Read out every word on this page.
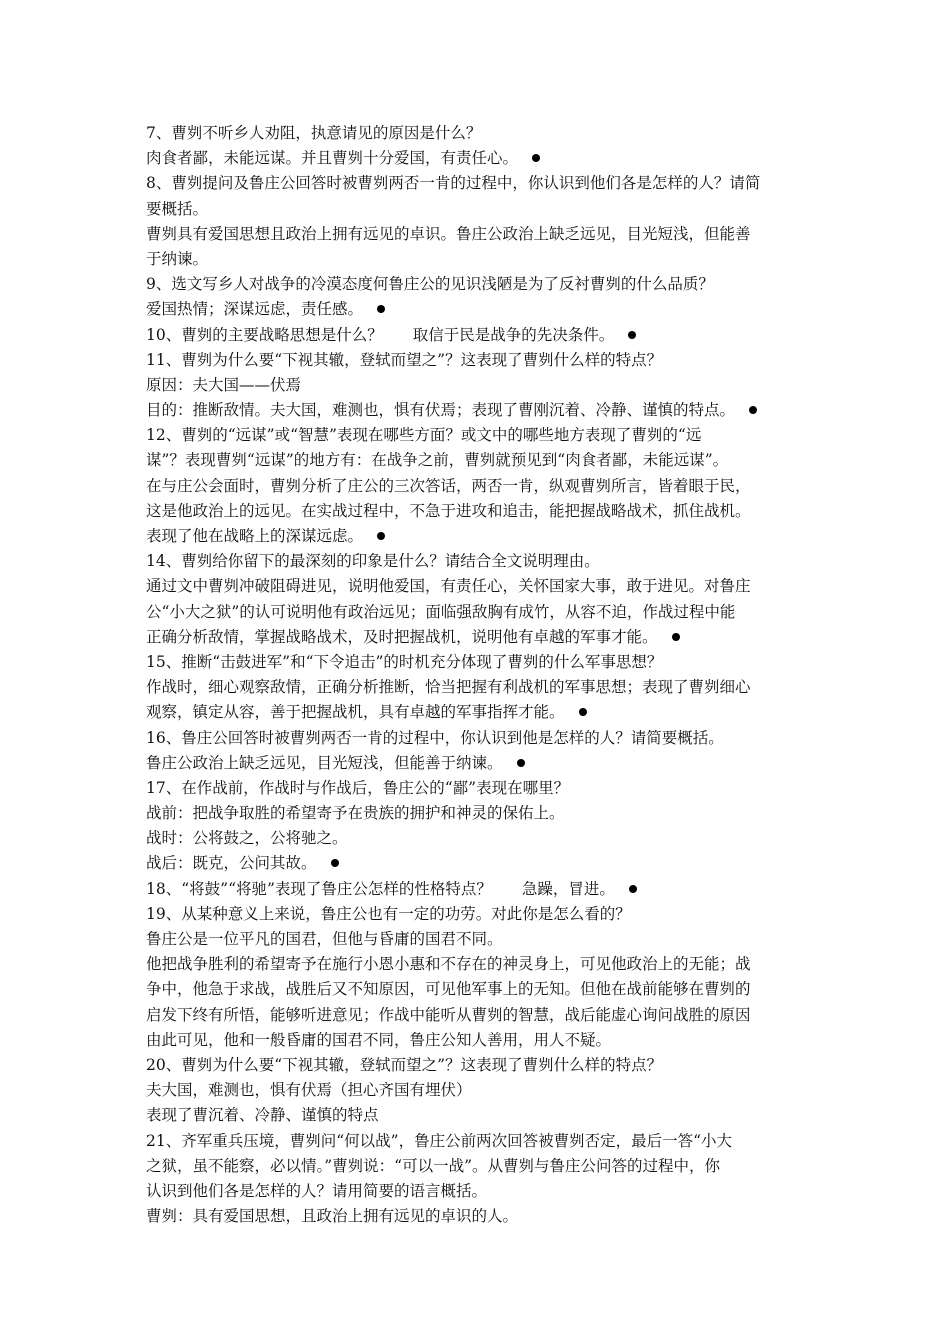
7、曹刿不听乡人劝阻，执意请见的原因是什么？
肉食者鄙，未能远谋。并且曹刿十分爱国，有责任心。
8、曹刿提问及鲁庄公回答时被曹刿两否一肯的过程中，你认识到他们各是怎样的人？请简
要概括。
曹刿具有爱国思想且政治上拥有远见的卓识。鲁庄公政治上缺乏远见，目光短浅，但能善
于纳谏。
9、选文写乡人对战争的冷漠态度何鲁庄公的见识浅陋是为了反衬曹刿的什么品质？
爱国热情；深谋远虑，责任感。
10、曹刿的主要战略思想是什么？ 取信于民是战争的先决条件。
11、曹刿为什么要“下视其辙，登轼而望之”？这表现了曹刿什么样的特点？
原因：夫大国——伏焉
目的：推断敌情。夫大国，难测也，惧有伏焉；表现了曹刚沉着、冷静、谨慎的特点。
12、曹刿的“远谋”或“智慧”表现在哪些方面？或文中的哪些地方表现了曹刿的“远
谋”？表现曹刿“远谋”的地方有：在战争之前，曹刿就预见到“肉食者鄙，未能远谋”。
在与庄公会面时，曹刿分析了庄公的三次答话，两否一肯，纵观曹刿所言，皆着眼于民，
这是他政治上的远见。在实战过程中，不急于进攻和追击，能把握战略战术，抓住战机。
表现了他在战略上的深谋远虑。
14、曹刿给你留下的最深刻的印象是什么？请结合全文说明理由。
通过文中曹刿冲破阻碍进见，说明他爱国，有责任心，关怀国家大事，敢于进见。对鲁庄
公“小大之狱”的认可说明他有政治远见；面临强敌胸有成竹，从容不迫，作战过程中能
正确分析敌情，掌握战略战术，及时把握战机，说明他有卓越的军事才能。
15、推断“击鼓进军”和“下令追击”的时机充分体现了曹刿的什么军事思想？
作战时，细心观察敌情，正确分析推断，恰当把握有利战机的军事思想；表现了曹刿细心
观察，镇定从容，善于把握战机，具有卓越的军事指挥才能。
16、鲁庄公回答时被曹刿两否一肯的过程中，你认识到他是怎样的人？请简要概括。
鲁庄公政治上缺乏远见，目光短浅，但能善于纳谏。
17、在作战前，作战时与作战后，鲁庄公的“鄙”表现在哪里？
战前：把战争取胜的希望寄予在贵族的拥护和神灵的保佑上。
战时：公将鼓之，公将驰之。
战后：既克，公问其故。
18、“将鼓”“将驰”表现了鲁庄公怎样的性格特点？ 急躁，冒进。
19、从某种意义上来说，鲁庄公也有一定的功劳。对此你是怎么看的？
鲁庄公是一位平凡的国君，但他与昏庸的国君不同。
他把战争胜利的希望寄予在施行小恩小惠和不存在的神灵身上，可见他政治上的无能；战
争中，他急于求战，战胜后又不知原因，可见他军事上的无知。但他在战前能够在曹刿的
启发下终有所悟，能够听进意见；作战中能听从曹刿的智慧，战后能虚心询问战胜的原因
由此可见，他和一般昏庸的国君不同，鲁庄公知人善用，用人不疑。
20、曹刿为什么要“下视其辙，登轼而望之”？这表现了曹刿什么样的特点？
夫大国，难测也，惧有伏焉（担心齐国有埋伏）
表现了曹沉着、冷静、谨慎的特点
21、齐军重兵压境，曹刿问“何以战”，鲁庄公前两次回答被曹刿否定，最后一答“小大
之狱，虽不能察，必以情。”曹刿说：“可以一战”。从曹刿与鲁庄公问答的过程中，你
认识到他们各是怎样的人？请用简要的语言概括。
曹刿：具有爱国思想，且政治上拥有远见的卓识的人。
